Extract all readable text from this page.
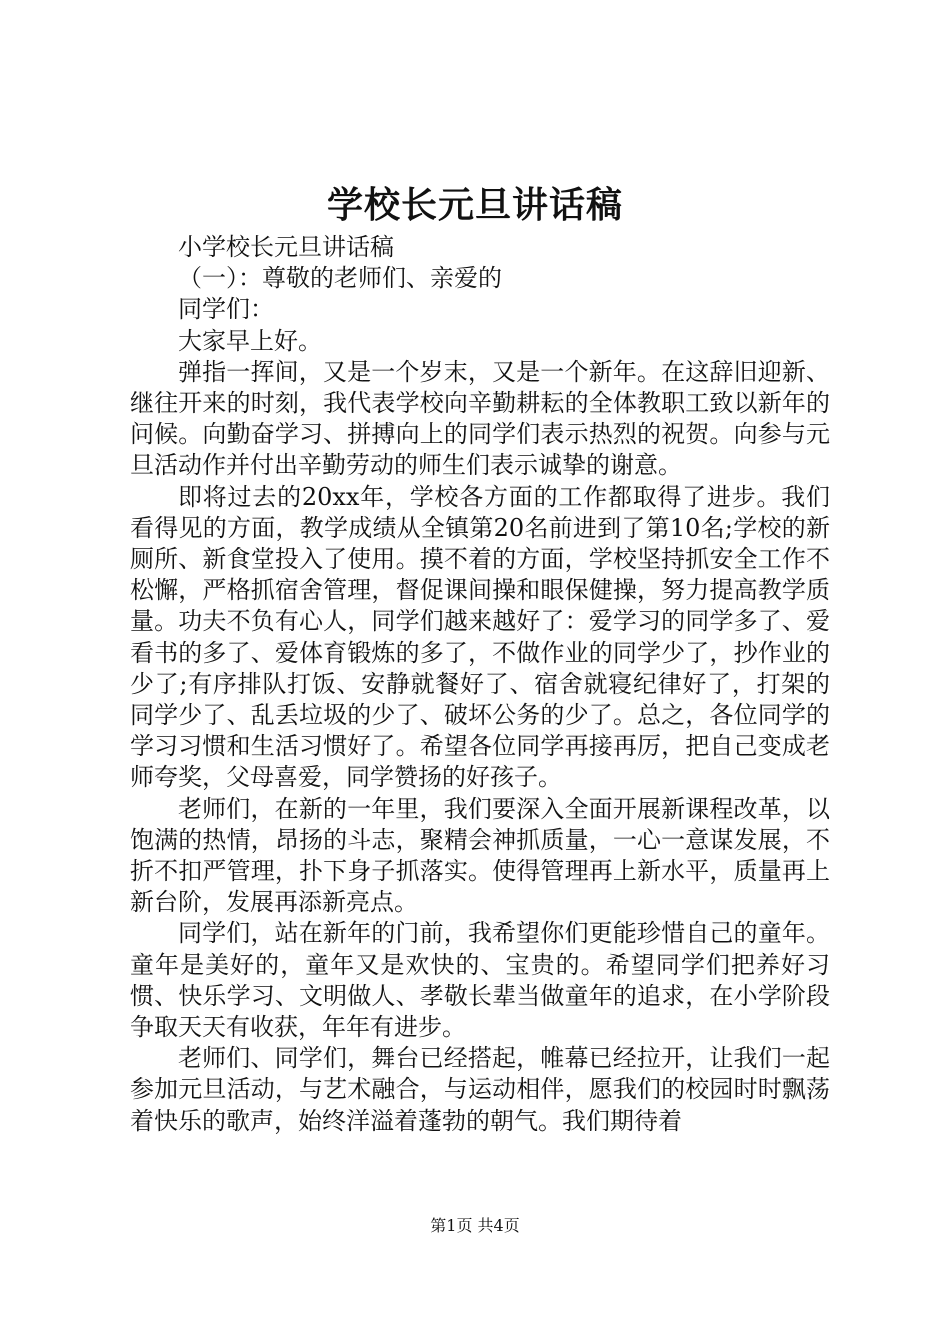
学校长元旦讲话稿

小学校长元旦讲话稿

（一）：尊敬的老师们、亲爱的

同学们：

大家早上好。

弹指一挥间，又是一个岁末，又是一个新年。在这辞旧迎新、继往开来的时刻，我代表学校向辛勤耕耘的全体教职工致以新年的问候。向勤奋学习、拼搏向上的同学们表示热烈的祝贺。向参与元旦活动作并付出辛勤劳动的师生们表示诚挚的谢意。

即将过去的20xx年，学校各方面的工作都取得了进步。我们看得见的方面，教学成绩从全镇第20名前进到了第10名;学校的新厕所、新食堂投入了使用。摸不着的方面，学校坚持抓安全工作不松懈，严格抓宿舍管理，督促课间操和眼保健操，努力提高教学质量。功夫不负有心人，同学们越来越好了：爱学习的同学多了、爱看书的多了、爱体育锻炼的多了，不做作业的同学少了，抄作业的少了;有序排队打饭、安静就餐好了、宿舍就寝纪律好了，打架的同学少了、乱丢垃圾的少了、破坏公务的少了。总之，各位同学的学习习惯和生活习惯好了。希望各位同学再接再厉，把自己变成老师夸奖，父母喜爱，同学赞扬的好孩子。

老师们，在新的一年里，我们要深入全面开展新课程改革，以饱满的热情，昂扬的斗志，聚精会神抓质量，一心一意谋发展，不折不扣严管理，扑下身子抓落实。使得管理再上新水平，质量再上新台阶，发展再添新亮点。

同学们，站在新年的门前，我希望你们更能珍惜自己的童年。童年是美好的，童年又是欢快的、宝贵的。希望同学们把养好习惯、快乐学习、文明做人、孝敬长辈当做童年的追求，在小学阶段争取天天有收获，年年有进步。

老师们、同学们，舞台已经搭起，帷幕已经拉开，让我们一起参加元旦活动，与艺术融合，与运动相伴，愿我们的校园时时飘荡着快乐的歌声，始终洋溢着蓬勃的朝气。我们期待着

第1页 共4页
